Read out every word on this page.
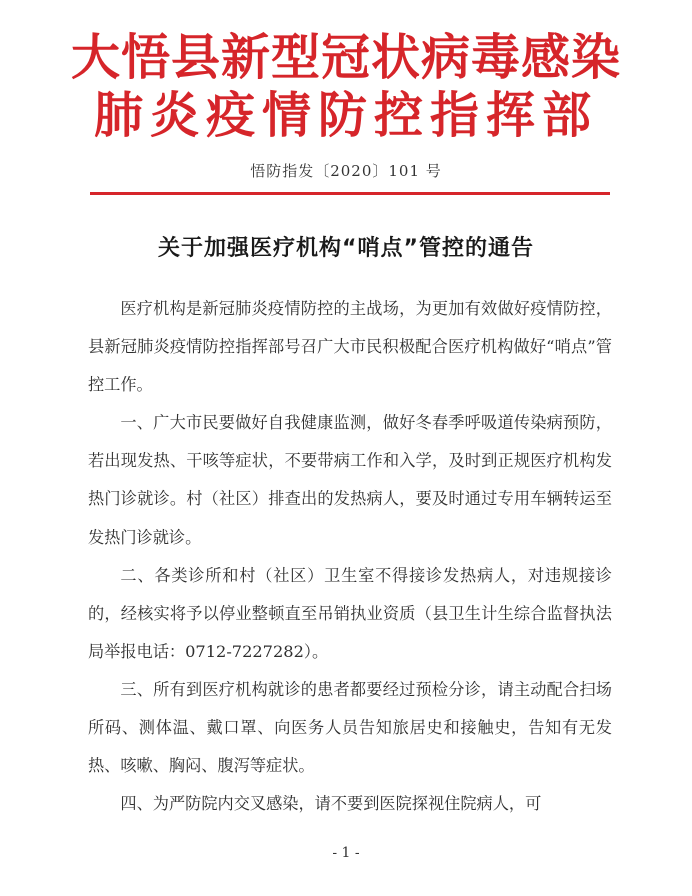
大悟县新型冠状病毒感染
肺炎疫情防控指挥部
悟防指发〔2020〕101 号
关于加强医疗机构“哨点”管控的通告

医疗机构是新冠肺炎疫情防控的主战场，为更加有效做好疫情防控，县新冠肺炎疫情防控指挥部号召广大市民积极配合医疗机构做好“哨点”管控工作。

一、广大市民要做好自我健康监测，做好冬春季呼吸道传染病预防，若出现发热、干咳等症状，不要带病工作和入学，及时到正规医疗机构发热门诊就诊。村（社区）排查出的发热病人，要及时通过专用车辆转运至发热门诊就诊。

二、各类诊所和村（社区）卫生室不得接诊发热病人，对违规接诊的，经核实将予以停业整顿直至吊销执业资质（县卫生计生综合监督执法局举报电话：0712-7227282）。

三、所有到医疗机构就诊的患者都要经过预检分诊，请主动配合扫场所码、测体温、戴口罩、向医务人员告知旅居史和接触史，告知有无发热、咳嗽、胸闷、腹泻等症状。

四、为严防院内交叉感染，请不要到医院探视住院病人，可

- 1 -
